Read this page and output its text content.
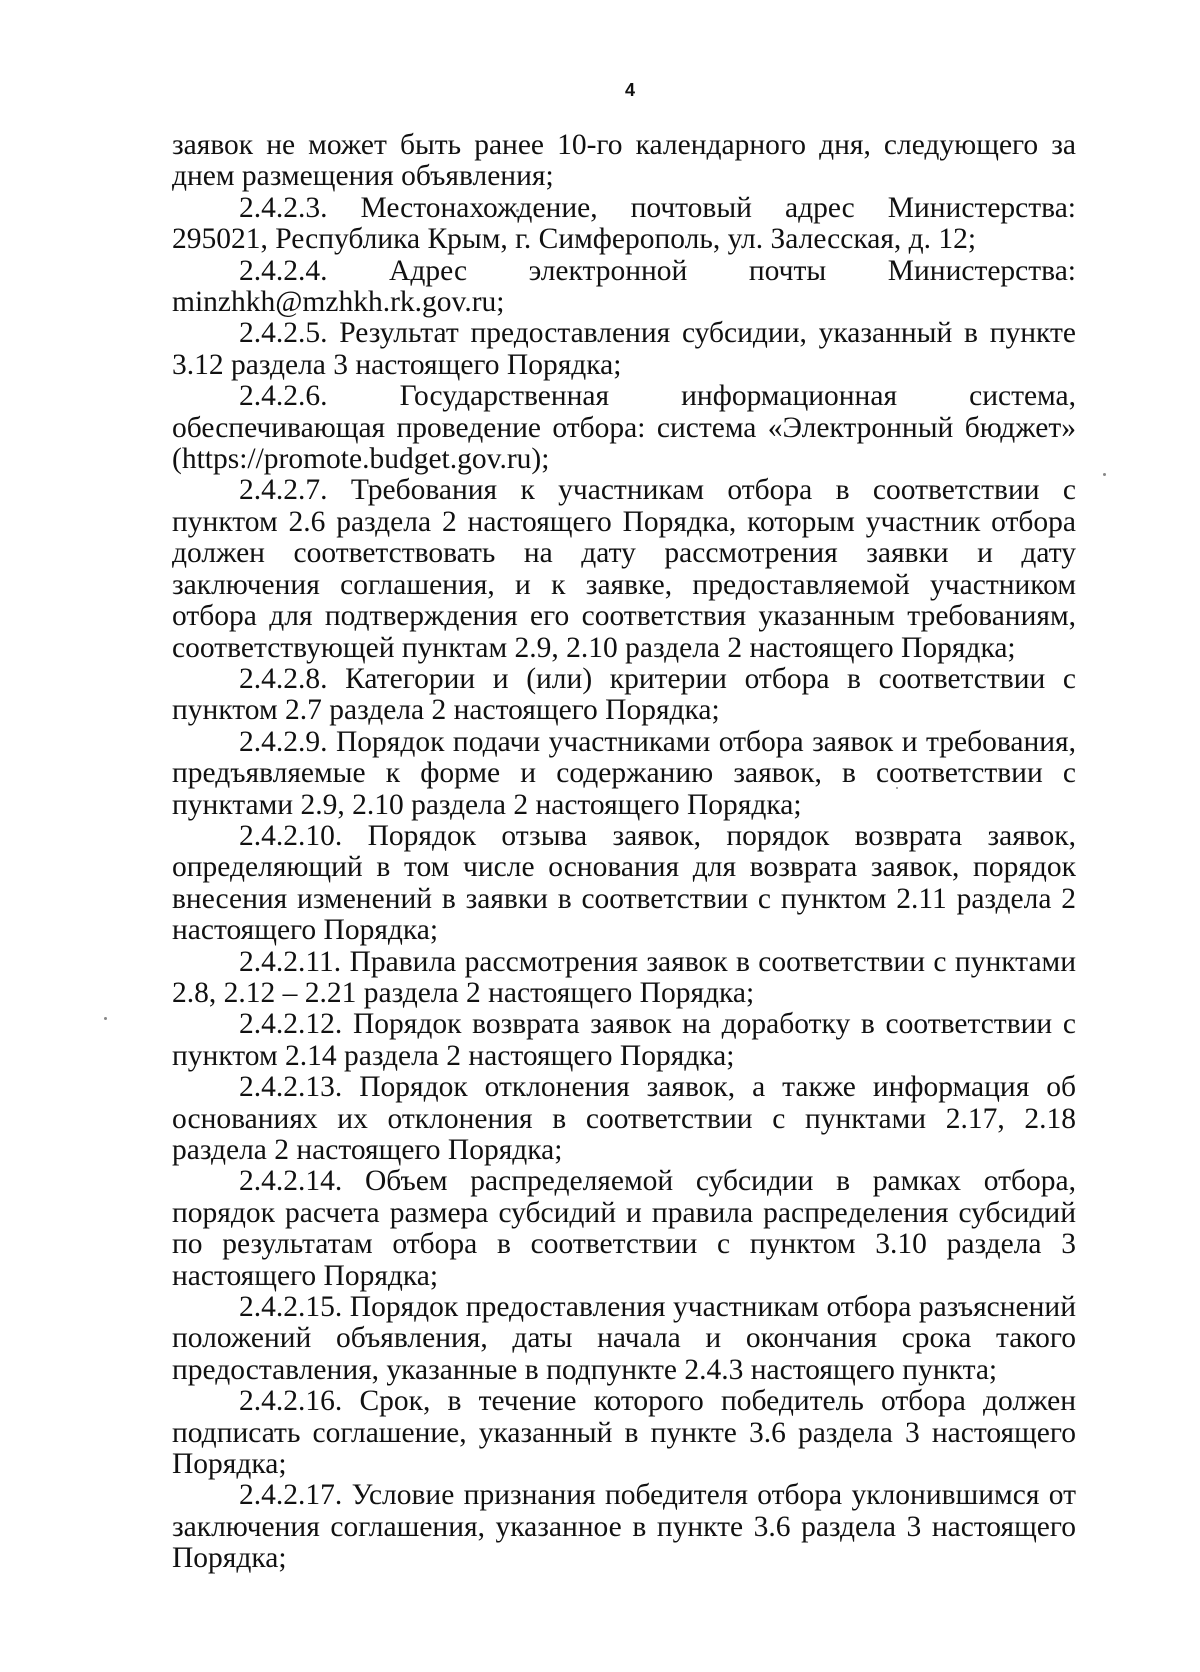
4

заявок не может быть ранее 10-го календарного дня, следующего за днем размещения объявления;

2.4.2.3. Местонахождение, почтовый адрес Министерства: 295021, Республика Крым, г. Симферополь, ул. Залесская, д. 12;

2.4.2.4. Адрес электронной почты Министерства: minzhkh@mzhkh.rk.gov.ru;

2.4.2.5. Результат предоставления субсидии, указанный в пункте 3.12 раздела 3 настоящего Порядка;

2.4.2.6. Государственная информационная система, обеспечивающая проведение отбора: система «Электронный бюджет» (https://promote.budget.gov.ru);

2.4.2.7. Требования к участникам отбора в соответствии с пунктом 2.6 раздела 2 настоящего Порядка, которым участник отбора должен соответствовать на дату рассмотрения заявки и дату заключения соглашения, и к заявке, предоставляемой участником отбора для подтверждения его соответствия указанным требованиям, соответствующей пунктам 2.9, 2.10 раздела 2 настоящего Порядка;

2.4.2.8. Категории и (или) критерии отбора в соответствии с пунктом 2.7 раздела 2 настоящего Порядка;

2.4.2.9. Порядок подачи участниками отбора заявок и требования, предъявляемые к форме и содержанию заявок, в соответствии с пунктами 2.9, 2.10 раздела 2 настоящего Порядка;

2.4.2.10. Порядок отзыва заявок, порядок возврата заявок, определяющий в том числе основания для возврата заявок, порядок внесения изменений в заявки в соответствии с пунктом 2.11 раздела 2 настоящего Порядка;

2.4.2.11. Правила рассмотрения заявок в соответствии с пунктами 2.8, 2.12 – 2.21 раздела 2 настоящего Порядка;

2.4.2.12. Порядок возврата заявок на доработку в соответствии с пунктом 2.14 раздела 2 настоящего Порядка;

2.4.2.13. Порядок отклонения заявок, а также информация об основаниях их отклонения в соответствии с пунктами 2.17, 2.18 раздела 2 настоящего Порядка;

2.4.2.14. Объем распределяемой субсидии в рамках отбора, порядок расчета размера субсидий и правила распределения субсидий по результатам отбора в соответствии с пунктом 3.10 раздела 3 настоящего Порядка;

2.4.2.15. Порядок предоставления участникам отбора разъяснений положений объявления, даты начала и окончания срока такого предоставления, указанные в подпункте 2.4.3 настоящего пункта;

2.4.2.16. Срок, в течение которого победитель отбора должен подписать соглашение, указанный в пункте 3.6 раздела 3 настоящего Порядка;

2.4.2.17. Условие признания победителя отбора уклонившимся от заключения соглашения, указанное в пункте 3.6 раздела 3 настоящего Порядка;
